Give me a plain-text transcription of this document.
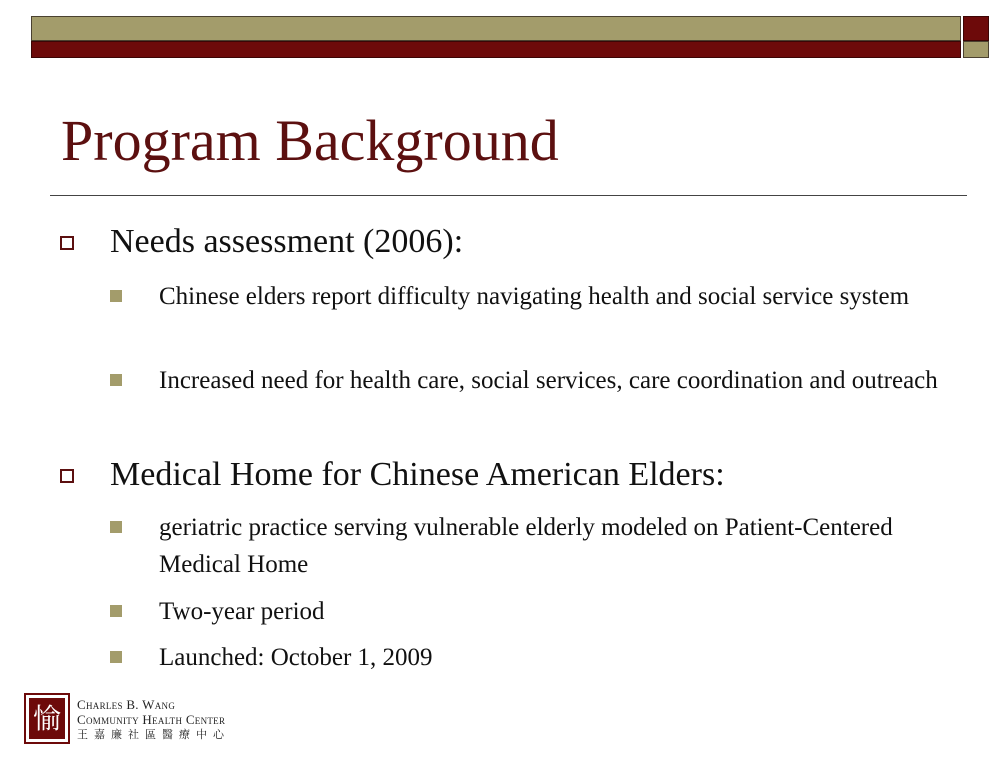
Program Background
Needs assessment (2006):
Chinese elders report difficulty navigating health and social service system
Increased need for health care, social services, care coordination and outreach
Medical Home for Chinese American Elders:
geriatric practice serving vulnerable elderly modeled on Patient-Centered Medical Home
Two-year period
Launched: October 1, 2009
愉	Charles B. Wang
Community Health Center
王嘉廉社區醫療中心
